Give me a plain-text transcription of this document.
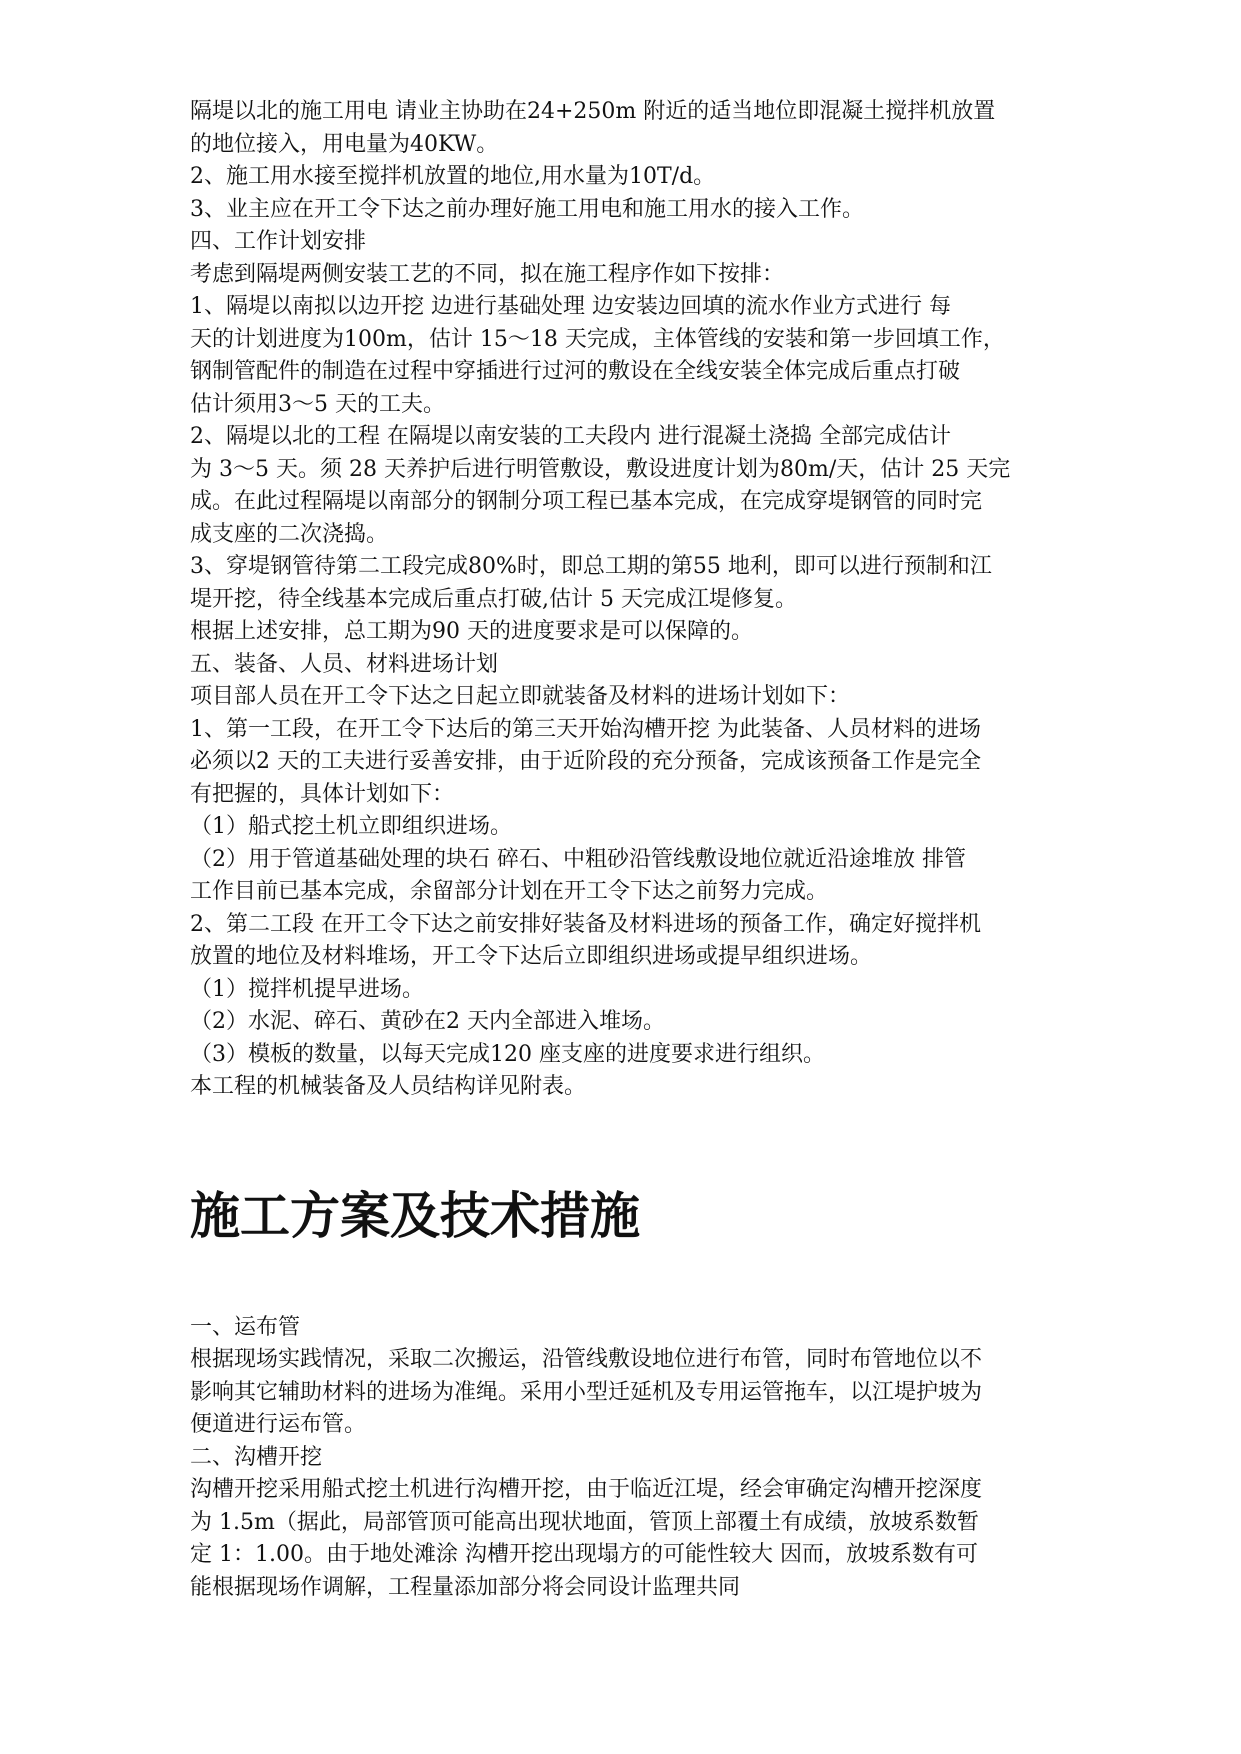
隔堤以北的施工用电 请业主协助在24+250m 附近的适当地位即混凝土搅拌机放置
的地位接入，用电量为40KW。
2、施工用水接至搅拌机放置的地位,用水量为10T/d。
3、业主应在开工令下达之前办理好施工用电和施工用水的接入工作。
四、工作计划安排
考虑到隔堤两侧安装工艺的不同，拟在施工程序作如下按排：
1、隔堤以南拟以边开挖 边进行基础处理 边安装边回填的流水作业方式进行 每
天的计划进度为100m，估计 15～18 天完成，主体管线的安装和第一步回填工作，
钢制管配件的制造在过程中穿插进行过河的敷设在全线安装全体完成后重点打破
估计须用3～5 天的工夫。
2、隔堤以北的工程 在隔堤以南安装的工夫段内 进行混凝土浇捣 全部完成估计
为 3～5 天。须 28 天养护后进行明管敷设，敷设进度计划为80m/天，估计 25 天完
成。在此过程隔堤以南部分的钢制分项工程已基本完成，在完成穿堤钢管的同时完
成支座的二次浇捣。
3、穿堤钢管待第二工段完成80%时，即总工期的第55 地利，即可以进行预制和江
堤开挖，待全线基本完成后重点打破,估计 5 天完成江堤修复。
根据上述安排，总工期为90 天的进度要求是可以保障的。
五、装备、人员、材料进场计划
项目部人员在开工令下达之日起立即就装备及材料的进场计划如下：
1、第一工段，在开工令下达后的第三天开始沟槽开挖 为此装备、人员材料的进场
必须以2 天的工夫进行妥善安排，由于近阶段的充分预备，完成该预备工作是完全
有把握的，具体计划如下：
（1）船式挖土机立即组织进场。
（2）用于管道基础处理的块石 碎石、中粗砂沿管线敷设地位就近沿途堆放 排管
工作目前已基本完成，余留部分计划在开工令下达之前努力完成。
2、第二工段 在开工令下达之前安排好装备及材料进场的预备工作，确定好搅拌机
放置的地位及材料堆场，开工令下达后立即组织进场或提早组织进场。
（1）搅拌机提早进场。
（2）水泥、碎石、黄砂在2 天内全部进入堆场。
（3）模板的数量，以每天完成120 座支座的进度要求进行组织。
本工程的机械装备及人员结构详见附表。
施工方案及技术措施
一、运布管
根据现场实践情况，采取二次搬运，沿管线敷设地位进行布管，同时布管地位以不
影响其它辅助材料的进场为准绳。采用小型迁延机及专用运管拖车，以江堤护坡为
便道进行运布管。
二、沟槽开挖
沟槽开挖采用船式挖土机进行沟槽开挖，由于临近江堤，经会审确定沟槽开挖深度
为 1.5m（据此，局部管顶可能高出现状地面，管顶上部覆土有成绩，放坡系数暂
定 1：1.00。由于地处滩涂 沟槽开挖出现塌方的可能性较大 因而，放坡系数有可
能根据现场作调解，工程量添加部分将会同设计监理共同
